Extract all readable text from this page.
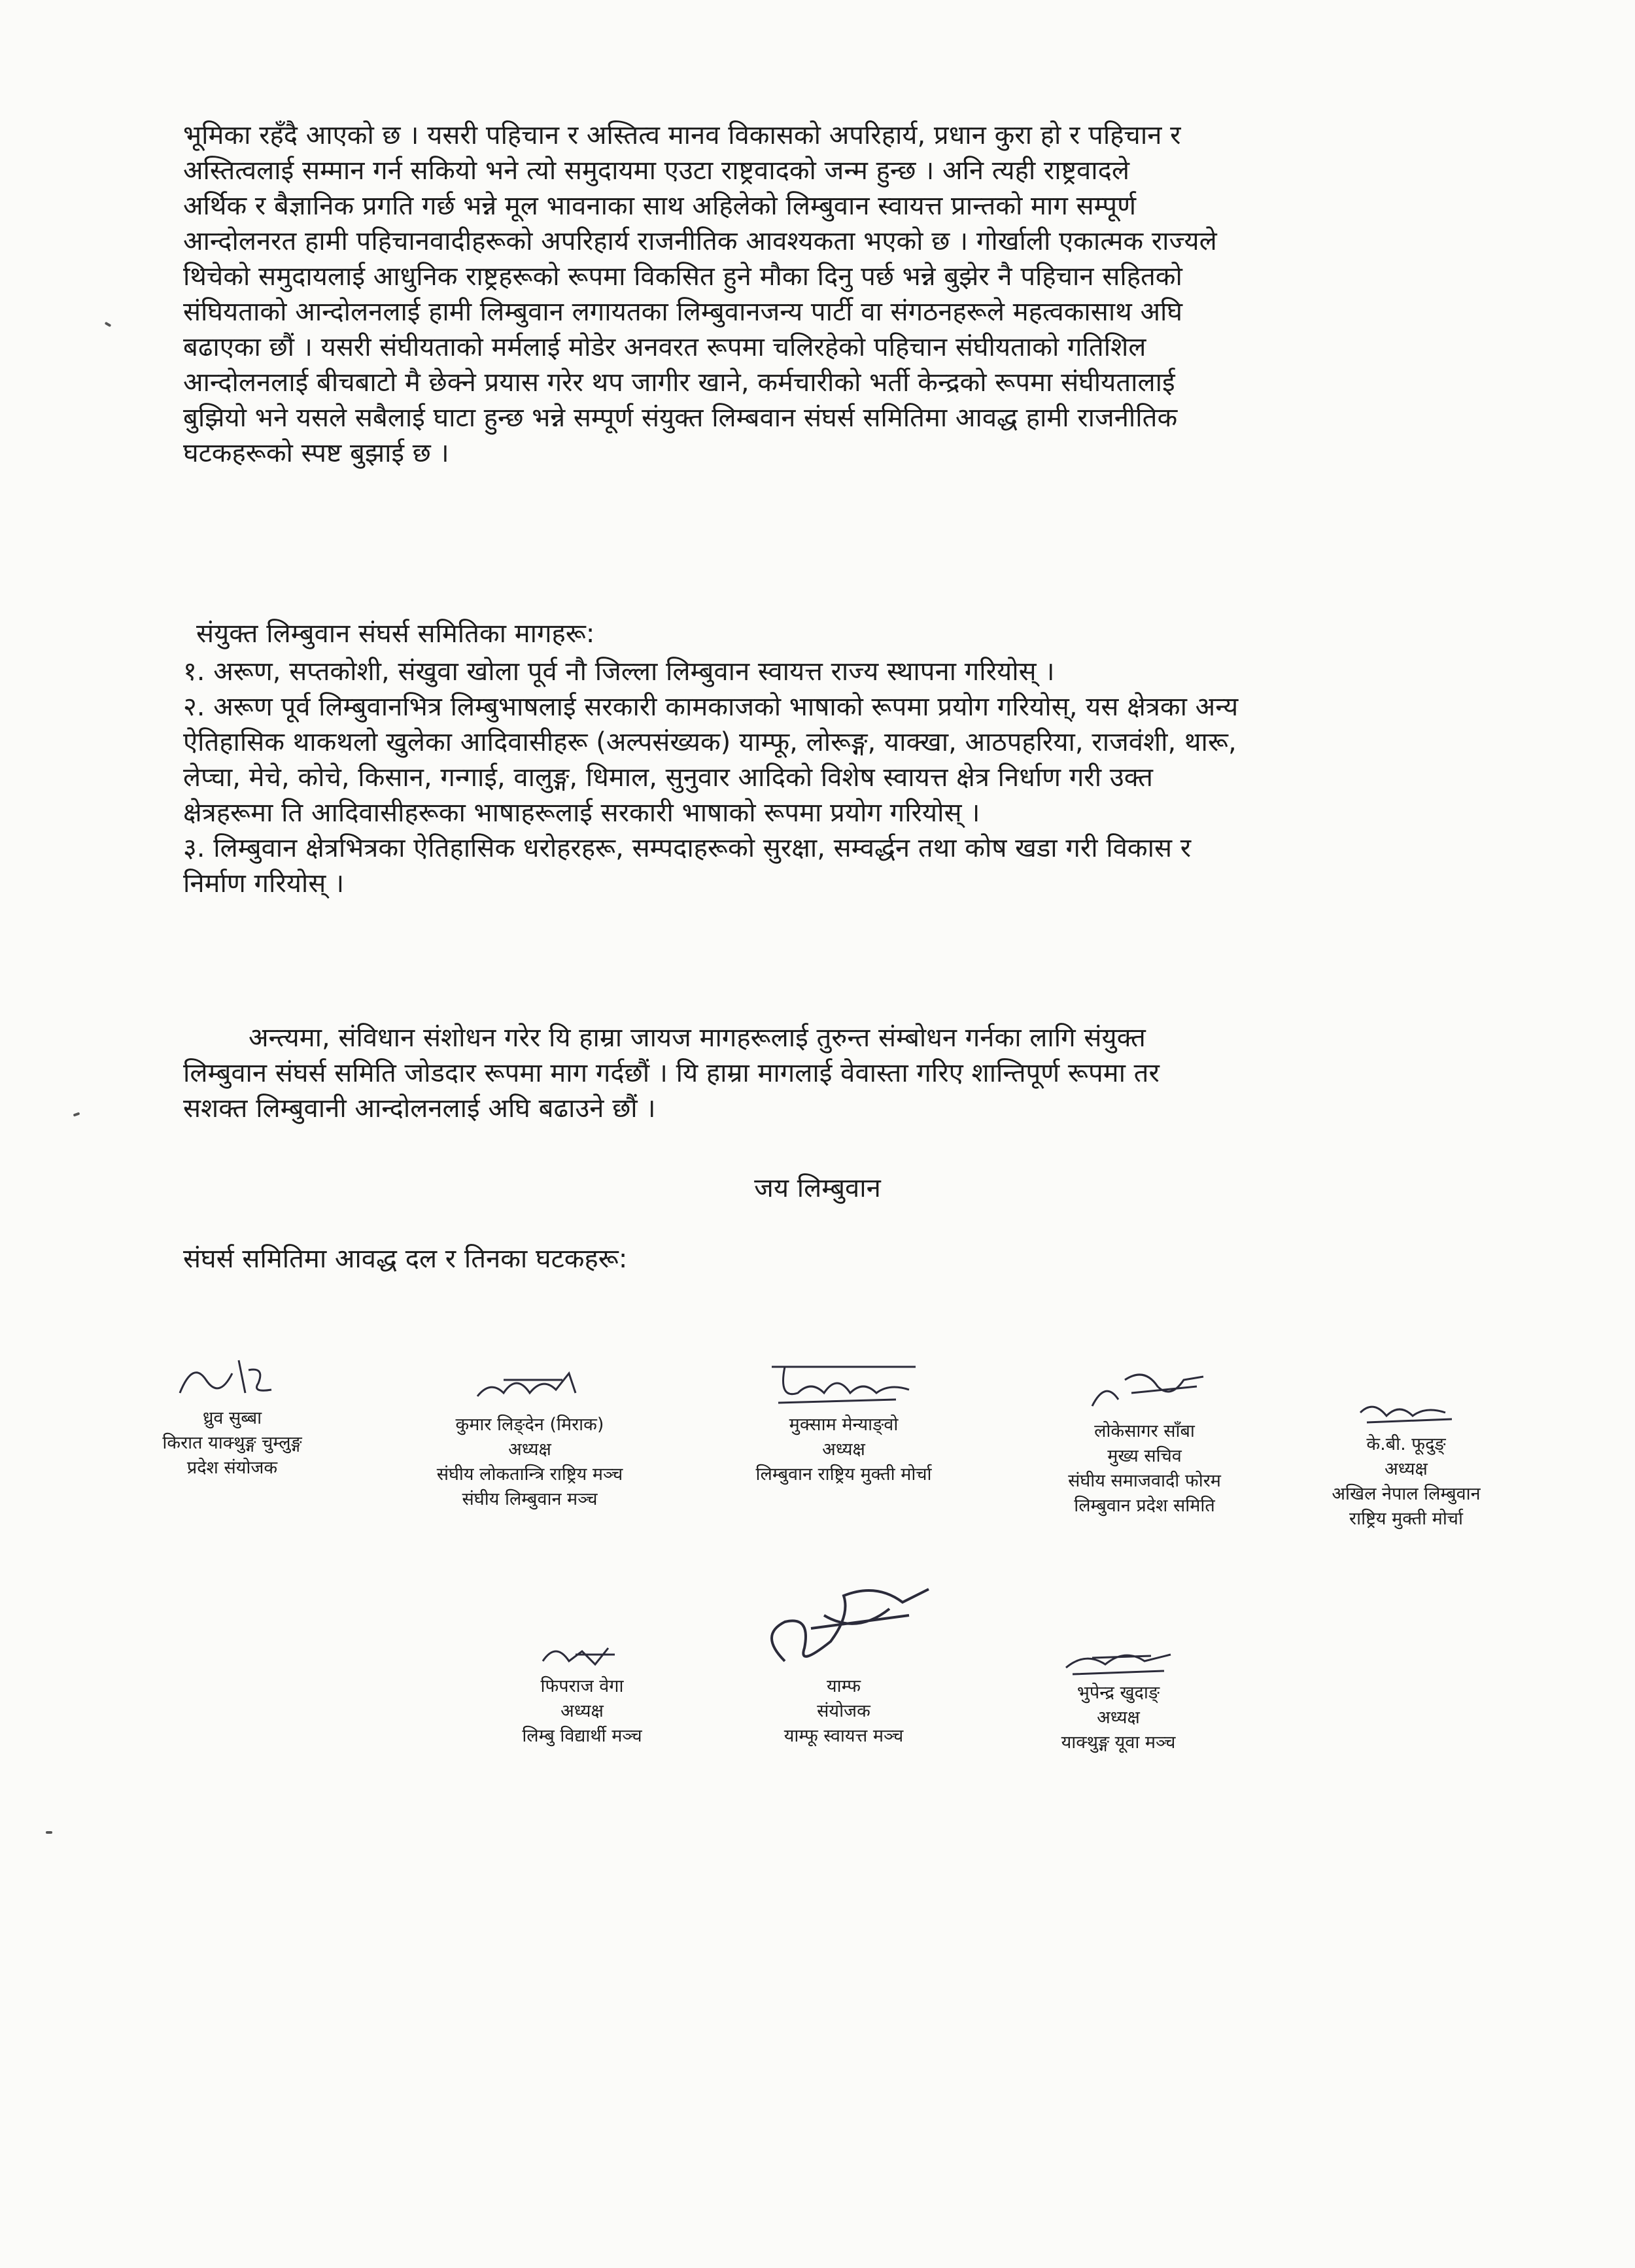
भूमिका रहँदै आएको छ । यसरी पहिचान र अस्तित्व मानव विकासको अपरिहार्य, प्रधान कुरा हो र पहिचान र

अस्तित्वलाई सम्मान गर्न सकियो भने त्यो समुदायमा एउटा राष्ट्रवादको जन्म हुन्छ । अनि त्यही राष्ट्रवादले

अर्थिक र बैज्ञानिक प्रगति गर्छ भन्ने मूल भावनाका साथ अहिलेको लिम्बुवान स्वायत्त प्रान्तको माग सम्पूर्ण

आन्दोलनरत हामी पहिचानवादीहरूको अपरिहार्य राजनीतिक आवश्यकता भएको छ । गोर्खाली एकात्मक राज्यले

थिचेको समुदायलाई आधुनिक राष्ट्रहरूको रूपमा विकसित हुने मौका दिनु पर्छ भन्ने बुझेर नै पहिचान सहितको

संघियताको आन्दोलनलाई हामी लिम्बुवान लगायतका लिम्बुवानजन्य पार्टी वा संगठनहरूले महत्वकासाथ अघि

बढाएका छौं । यसरी संघीयताको मर्मलाई मोडेर अनवरत रूपमा चलिरहेको पहिचान संघीयताको गतिशिल

आन्दोलनलाई बीचबाटो मै छेक्ने प्रयास गरेर थप जागीर खाने, कर्मचारीको भर्ती केन्द्रको रूपमा संघीयतालाई

बुझियो भने यसले सबैलाई घाटा हुन्छ भन्ने सम्पूर्ण संयुक्त लिम्बवान संघर्स समितिमा आवद्ध हामी राजनीतिक

घटकहरूको स्पष्ट बुझाई छ ।

संयुक्त लिम्बुवान संघर्स समितिका मागहरू:

१. अरूण, सप्तकोशी, संखुवा खोला पूर्व नौ जिल्ला लिम्बुवान स्वायत्त राज्य स्थापना गरियोस् ।

२. अरूण पूर्व लिम्बुवानभित्र लिम्बुभाषलाई सरकारी कामकाजको भाषाको रूपमा प्रयोग गरियोस्, यस क्षेत्रका अन्य

ऐतिहासिक थाकथलो खुलेका आदिवासीहरू (अल्पसंख्यक) याम्फू, लोरूङ्ग, याक्खा, आठपहरिया, राजवंशी, थारू,

लेप्चा, मेचे, कोचे, किसान, गन्गाई, वालुङ्ग, धिमाल, सुनुवार आदिको विशेष स्वायत्त क्षेत्र निर्धाण गरी उक्त

क्षेत्रहरूमा ति आदिवासीहरूका भाषाहरूलाई सरकारी भाषाको रूपमा प्रयोग गरियोस् ।

३. लिम्बुवान क्षेत्रभित्रका ऐतिहासिक धरोहरहरू, सम्पदाहरूको सुरक्षा, सम्वर्द्धन तथा कोष खडा गरी विकास र

निर्माण गरियोस् ।

अन्त्यमा, संविधान संशोधन गरेर यि हाम्रा जायज मागहरूलाई तुरुन्त संम्बोधन गर्नका लागि संयुक्त

लिम्बुवान संघर्स समिति जोडदार रूपमा माग गर्दछौं । यि हाम्रा मागलाई वेवास्ता गरिए शान्तिपूर्ण रूपमा तर

सशक्त लिम्बुवानी आन्दोलनलाई अघि बढाउने छौं ।

जय लिम्बुवान
संघर्स समितिमा आवद्ध दल र तिनका घटकहरू:
ध्रुव सुब्बा
किरात याक्थुङ्ग चुम्लुङ्ग
प्रदेश संयोजक
कुमार लिङ्देन (मिराक)
अध्यक्ष
संघीय लोकतान्त्रि राष्ट्रिय मञ्च
संघीय लिम्बुवान मञ्च
मुक्साम मेन्याङ्वो
अध्यक्ष
लिम्बुवान राष्ट्रिय मुक्ती मोर्चा
लोकेसागर साँबा
मुख्य सचिव
संघीय समाजवादी फोरम
लिम्बुवान प्रदेश समिति
के.बी. फूदुङ्
अध्यक्ष
अखिल नेपाल लिम्बुवान
राष्ट्रिय मुक्ती मोर्चा
फिपराज वेगा
अध्यक्ष
लिम्बु विद्यार्थी मञ्च
याम्फ
संयोजक
याम्फू स्वायत्त मञ्च
भुपेन्द्र खुदाङ्
अध्यक्ष
याक्थुङ्ग यूवा मञ्च
